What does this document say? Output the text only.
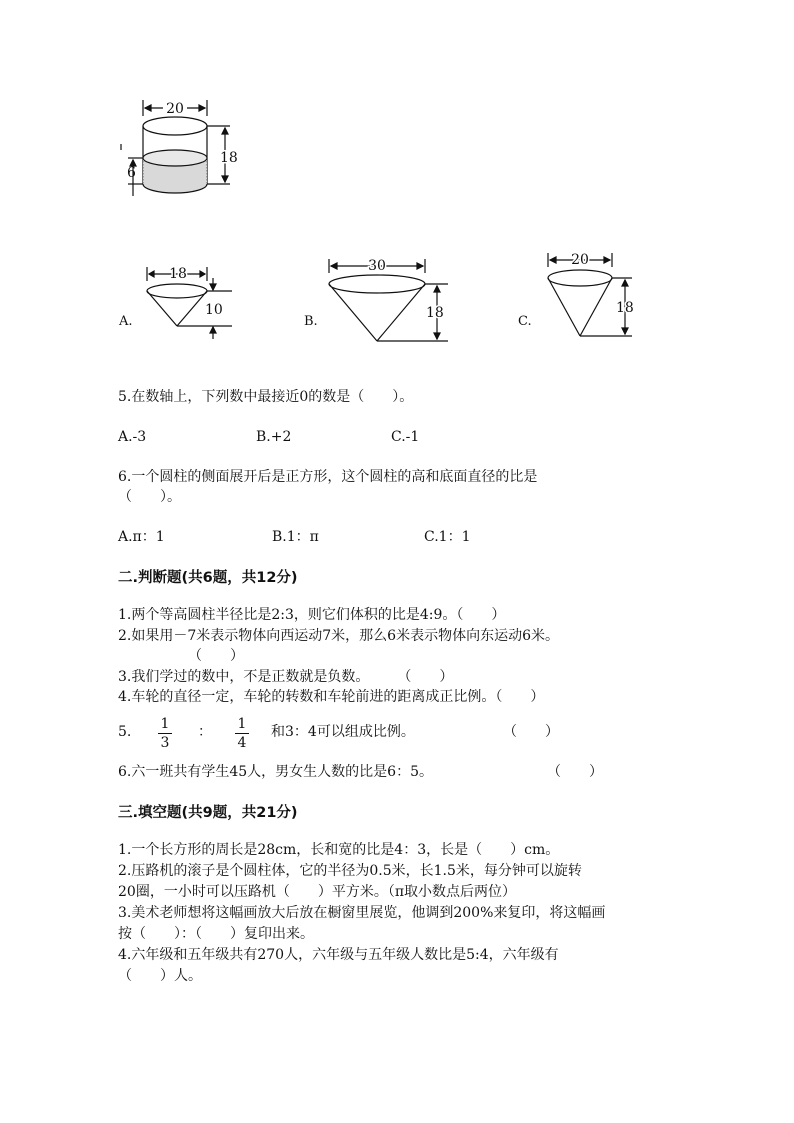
20
18
6
18
10
A.
30
18
B.
20
18
C.
5.在数轴上，下列数中最接近0的数是（　　）。
A.-3	B.+2	C.-1
6.一个圆柱的侧面展开后是正方形，这个圆柱的高和底面直径的比是
（　　）。
A.π：1	B.1：π	C.1：1
二.判断题(共6题，共12分)
1.两个等高圆柱半径比是2:3，则它们体积的比是4:9。（　　）
2.如果用－7米表示物体向西运动7米，那么6米表示物体向东运动6米。
（　　）
3.我们学过的数中，不是正数就是负数。　　　（　　）
4.车轮的直径一定，车轮的转数和车轮前进的距离成正比例。（　　）
5. 1
3
： 1
4
和3：4可以组成比例。	（　　）
6.六一班共有学生45人，男女生人数的比是6：5。	（　　）
三.填空题(共9题，共21分)
1.一个长方形的周长是28cm，长和宽的比是4：3，长是（　　）cm。
2.压路机的滚子是个圆柱体，它的半径为0.5米，长1.5米，每分钟可以旋转
20圈，一小时可以压路机（　　）平方米。（π取小数点后两位）
3.美术老师想将这幅画放大后放在橱窗里展览，他调到200%来复印，将这幅画
按（　　）：（　　）复印出来。
4.六年级和五年级共有270人，六年级与五年级人数比是5:4，六年级有
（　　）人。
